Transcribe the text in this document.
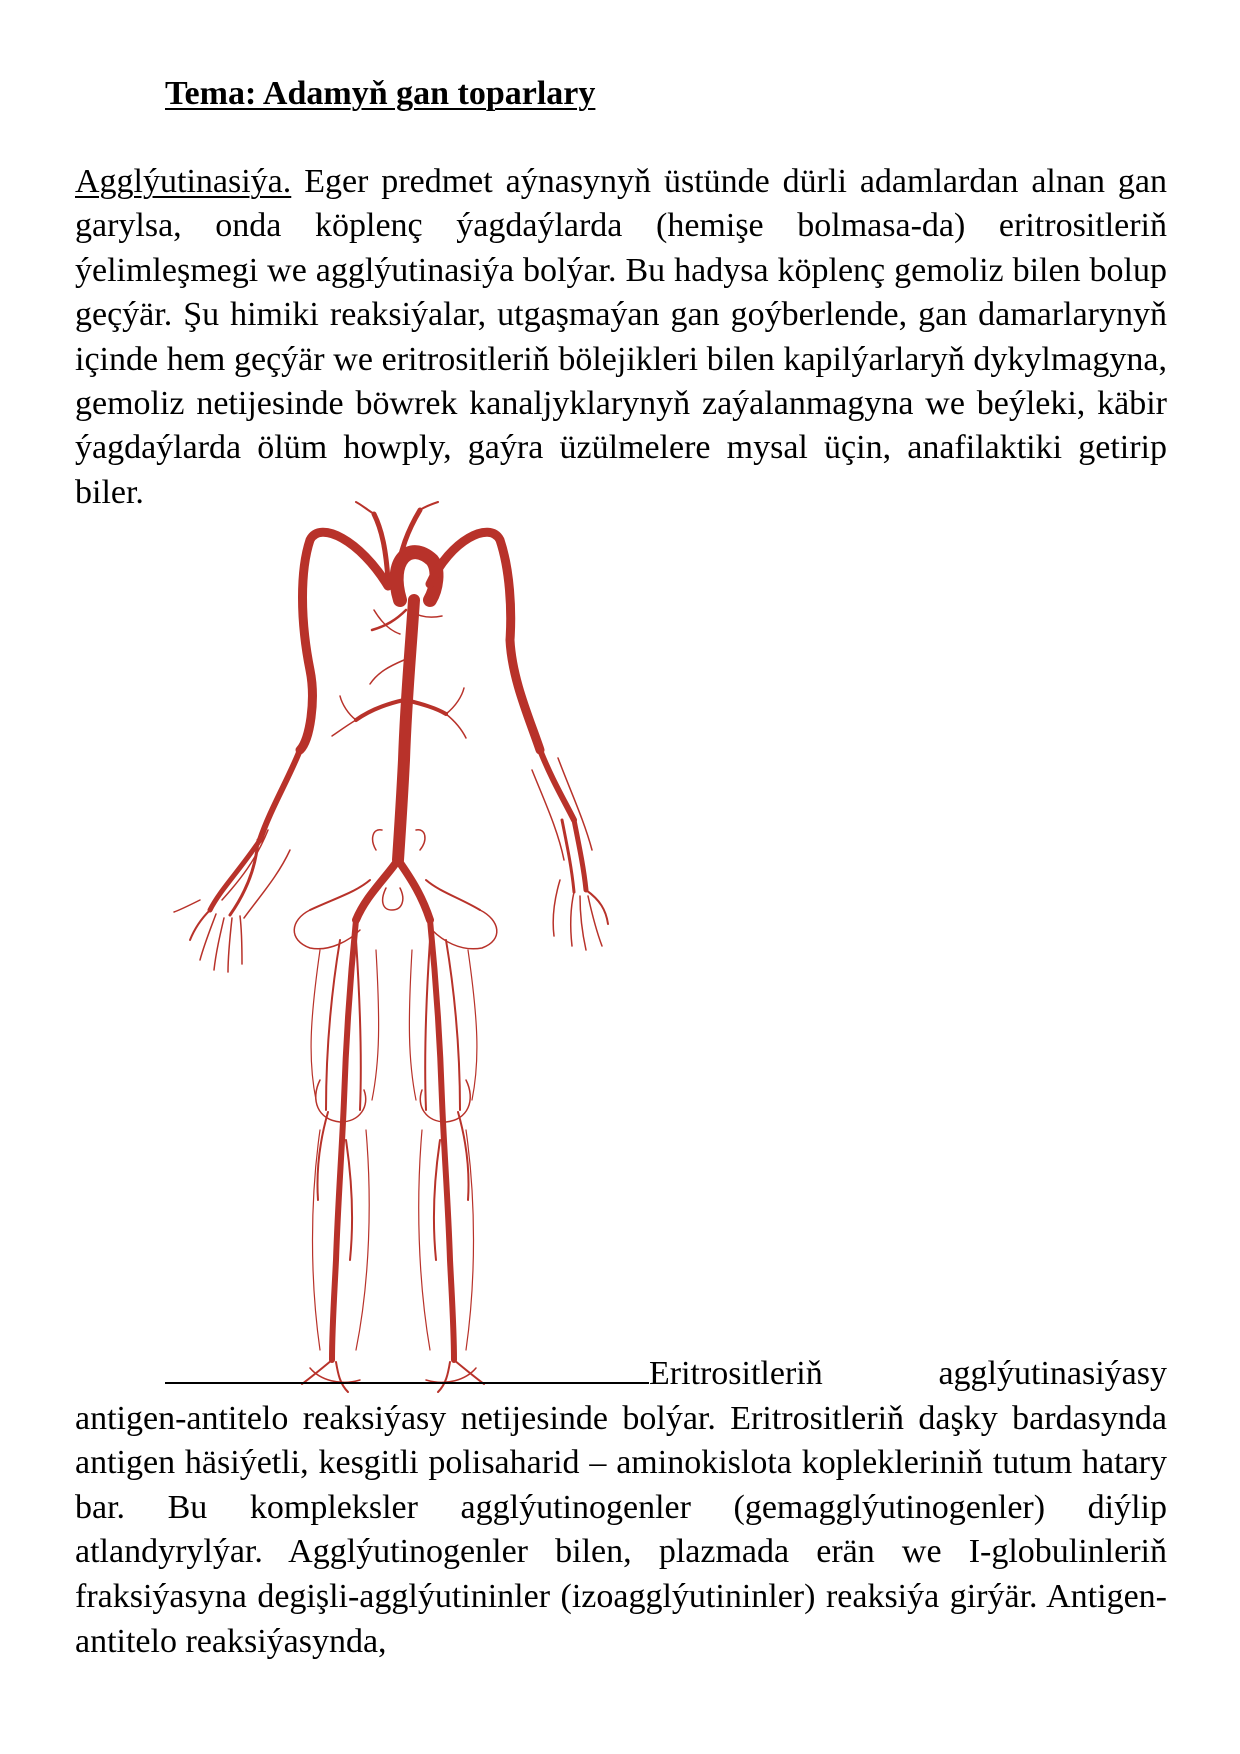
Tema: Adamyň gan toparlary

Agglýutinasiýa. Eger predmet aýnasynyň üstünde dürli adamlardan alnan gan garylsa, onda köplenç ýagdaýlarda (hemişe bolmasa-da) eritrositleriň ýelimleşmegi we agglýutinasiýa bolýar. Bu hadysa köplenç gemoliz bilen bolup geçýär. Şu himiki reaksiýalar, utgaşmaýan gan goýberlende, gan damarlarynyň içinde hem geçýär we eritrositleriň bölejikleri bilen kapilýarlaryň dykylmagyna, gemoliz netijesinde böwrek kanaljyklarynyň zaýalanmagyna we beýleki, käbir ýagdaýlarda ölüm howply, gaýra üzülmelere mysal üçin, anafilaktiki getirip biler.

Eritrositleriň agglýutinasiýasy antigen-antitelo reaksiýasy netijesinde bolýar. Eritrositleriň daşky bardasynda antigen häsiýetli, kesgitli polisaharid – aminokislota koplekleriniň tutum hatary bar. Bu kompleksler agglýutinogenler (gemagglýutinogenler) diýlip atlandyrylýar. Agglýutinogenler bilen, plazmada erän we I-globulinleriň fraksiýasyna degişli-agglýutininler (izoagglýutininler) reaksiýa girýär. Antigen-antitelo reaksiýasynda,
